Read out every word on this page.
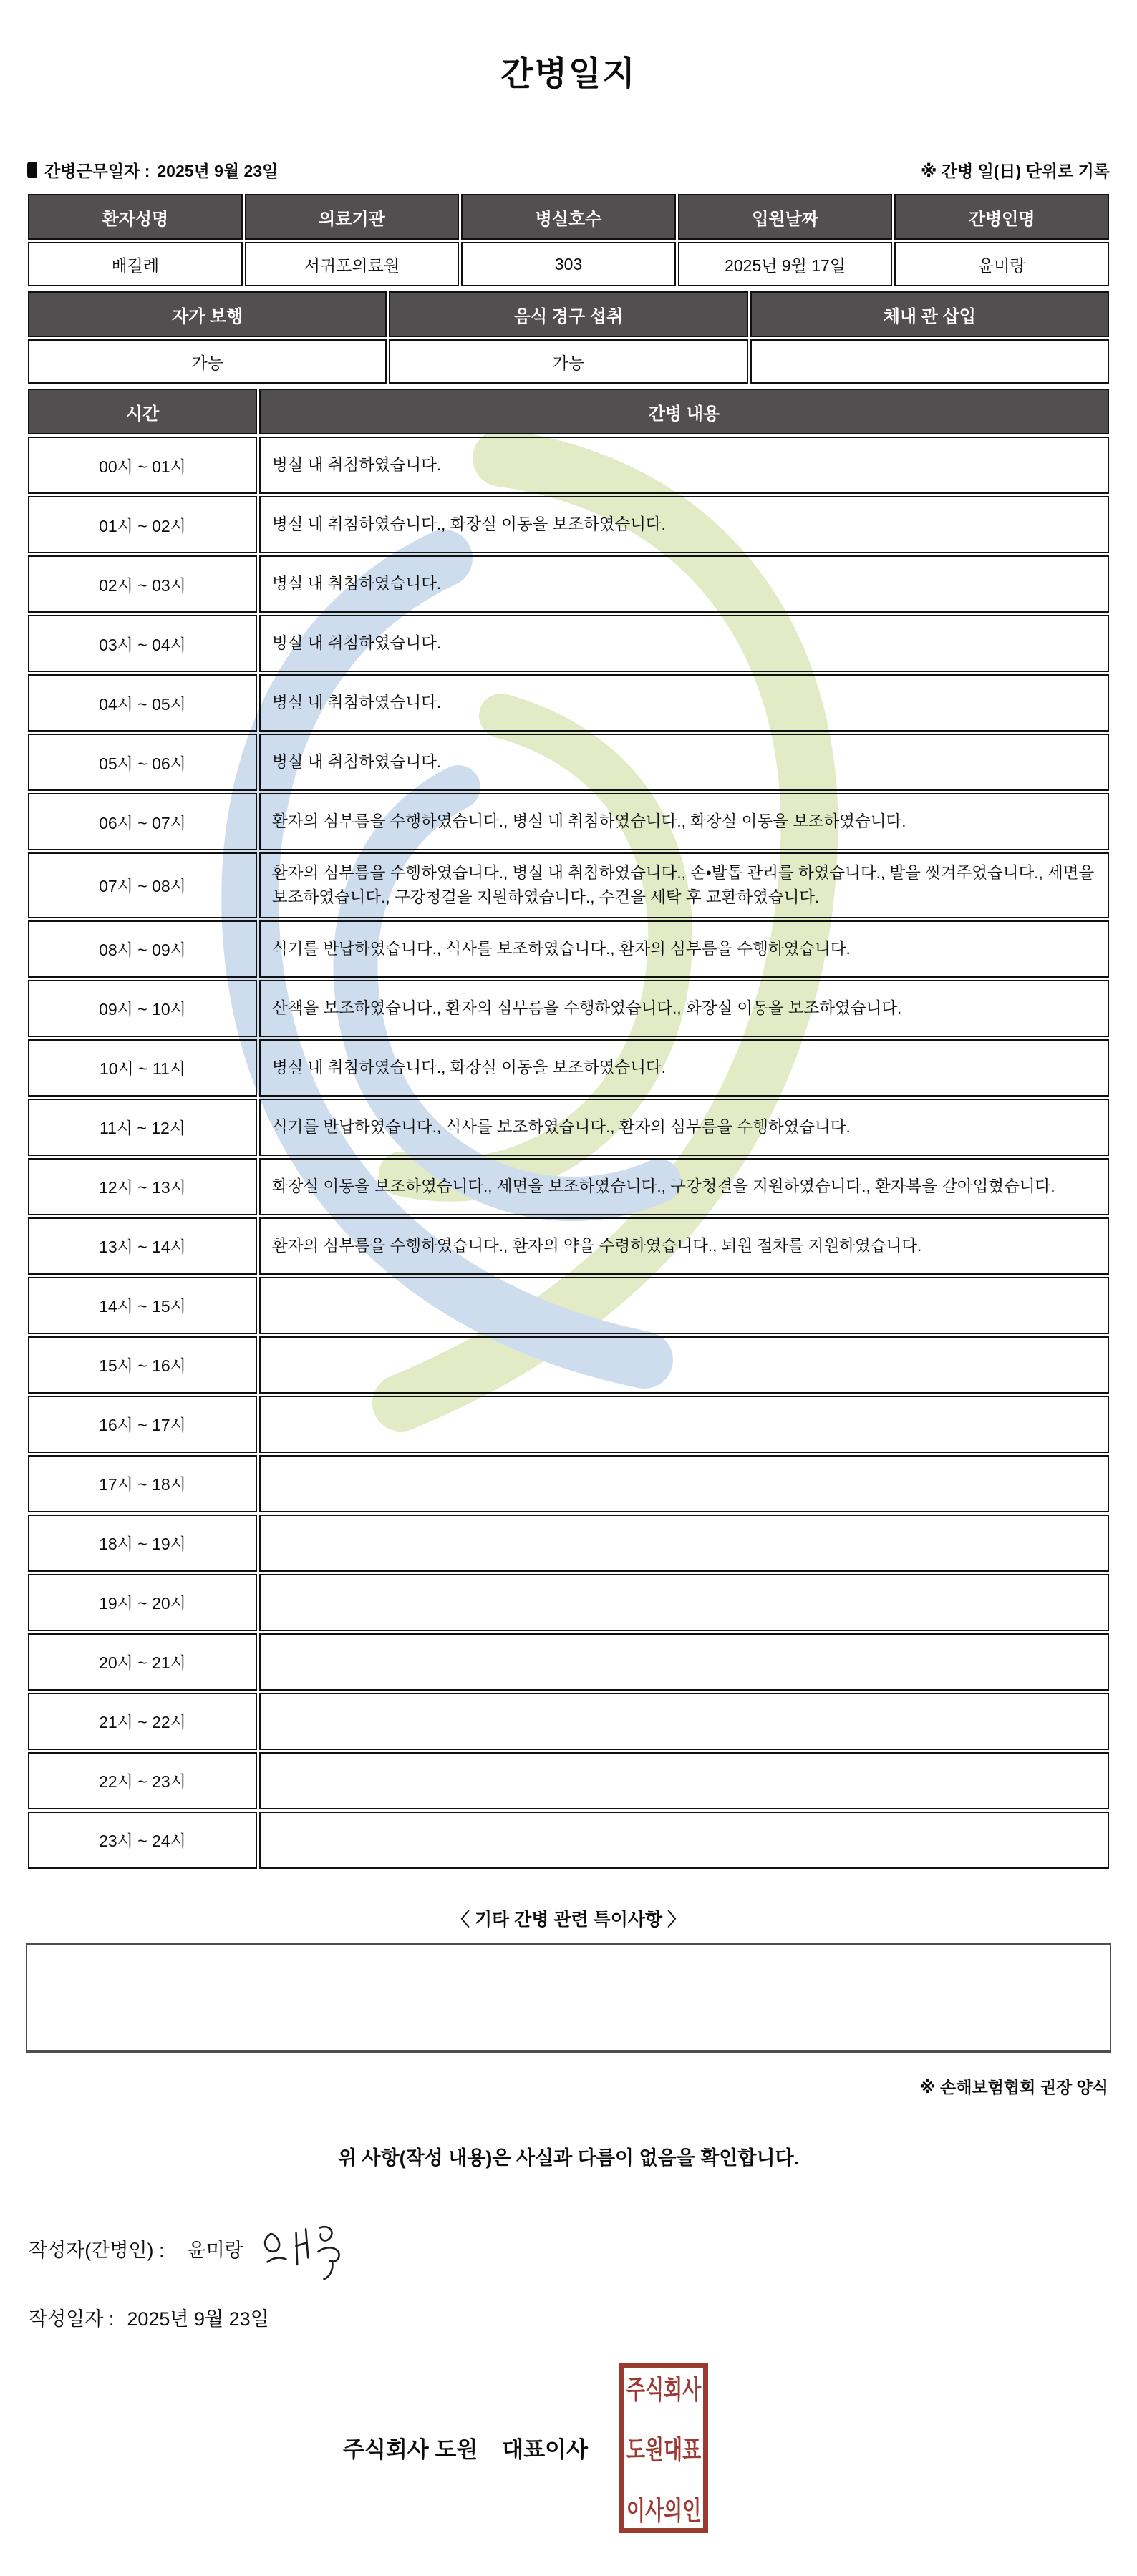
간병일지
간병근무일자 : 2025년 9월 23일	※ 간병 일(日) 단위로 기록
환자성명	의료기관	병실호수	입원날짜	간병인명
배길례	서귀포의료원	303	2025년 9월 17일	윤미랑
자가 보행	음식 경구 섭취	체내 관 삽입
가능	가능	
시간	간병 내용
00시 ~ 01시	병실 내 취침하였습니다.
01시 ~ 02시	병실 내 취침하였습니다., 화장실 이동을 보조하였습니다.
02시 ~ 03시	병실 내 취침하였습니다.
03시 ~ 04시	병실 내 취침하였습니다.
04시 ~ 05시	병실 내 취침하였습니다.
05시 ~ 06시	병실 내 취침하였습니다.
06시 ~ 07시	환자의 심부름을 수행하였습니다., 병실 내 취침하였습니다., 화장실 이동을 보조하였습니다.
07시 ~ 08시	환자의 심부름을 수행하였습니다., 병실 내 취침하였습니다., 손•발톱 관리를 하였습니다., 발을 씻겨주었습니다., 세면을 보조하였습니다., 구강청결을 지원하였습니다., 수건을 세탁 후 교환하였습니다.
08시 ~ 09시	식기를 반납하였습니다., 식사를 보조하였습니다., 환자의 심부름을 수행하였습니다.
09시 ~ 10시	산책을 보조하였습니다., 환자의 심부름을 수행하였습니다., 화장실 이동을 보조하였습니다.
10시 ~ 11시	병실 내 취침하였습니다., 화장실 이동을 보조하였습니다.
11시 ~ 12시	식기를 반납하였습니다., 식사를 보조하였습니다., 환자의 심부름을 수행하였습니다.
12시 ~ 13시	화장실 이동을 보조하였습니다., 세면을 보조하였습니다., 구강청결을 지원하였습니다., 환자복을 갈아입혔습니다.
13시 ~ 14시	환자의 심부름을 수행하였습니다., 환자의 약을 수령하였습니다., 퇴원 절차를 지원하였습니다.
14시 ~ 15시	
15시 ~ 16시	
16시 ~ 17시	
17시 ~ 18시	
18시 ~ 19시	
19시 ~ 20시	
20시 ~ 21시	
21시 ~ 22시	
22시 ~ 23시	
23시 ~ 24시	
〈 기타 간병 관련 특이사항 〉
※ 손해보험협회 권장 양식
위 사항(작성 내용)은 사실과 다름이 없음을 확인합니다.
작성자(간병인) : 윤미랑
작성일자 : 2025년 9월 23일
주식회사 도원 대표이사
주식회사
도원대표
이사의인
